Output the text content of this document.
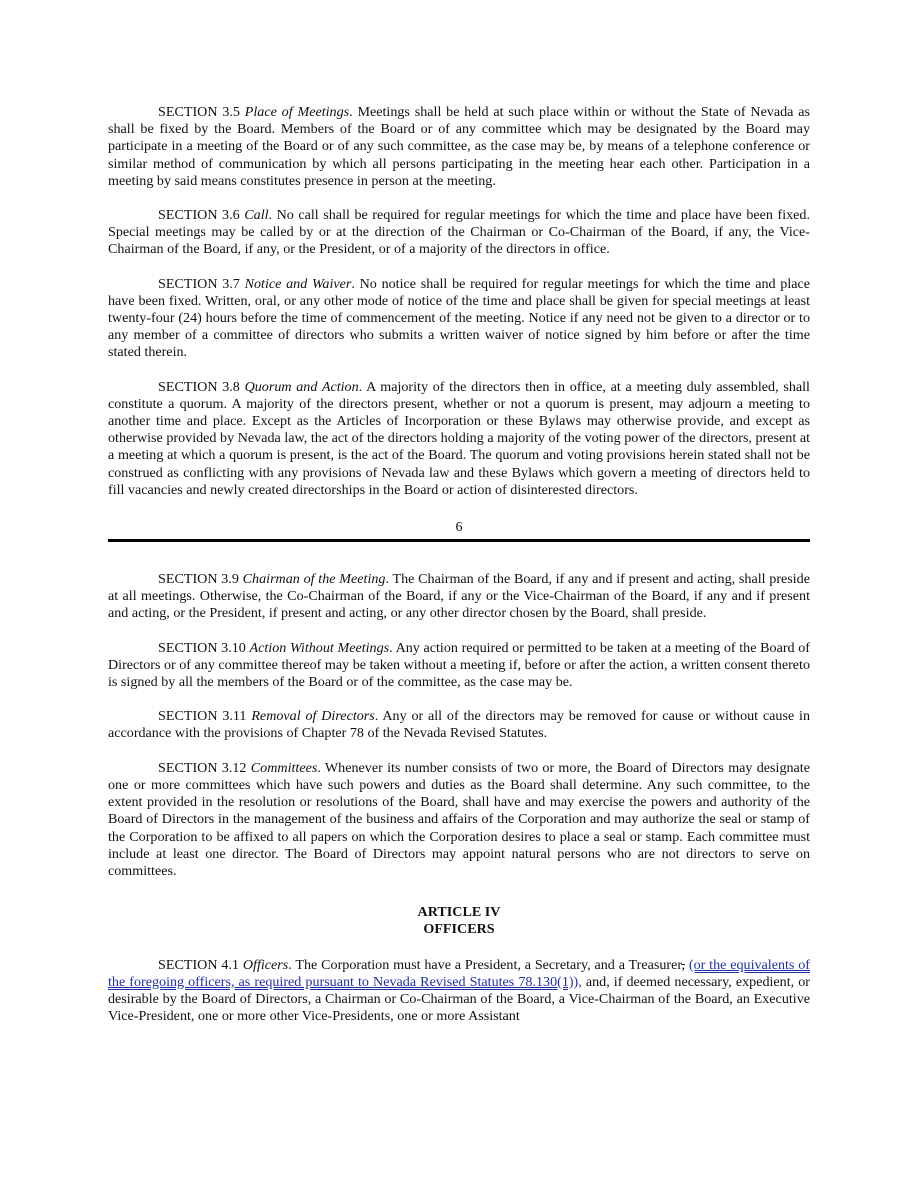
SECTION 3.5 Place of Meetings. Meetings shall be held at such place within or without the State of Nevada as shall be fixed by the Board. Members of the Board or of any committee which may be designated by the Board may participate in a meeting of the Board or of any such committee, as the case may be, by means of a telephone conference or similar method of communication by which all persons participating in the meeting hear each other. Participation in a meeting by said means constitutes presence in person at the meeting.

SECTION 3.6 Call. No call shall be required for regular meetings for which the time and place have been fixed. Special meetings may be called by or at the direction of the Chairman or Co-Chairman of the Board, if any, the Vice-Chairman of the Board, if any, or the President, or of a majority of the directors in office.

SECTION 3.7 Notice and Waiver. No notice shall be required for regular meetings for which the time and place have been fixed. Written, oral, or any other mode of notice of the time and place shall be given for special meetings at least twenty-four (24) hours before the time of commencement of the meeting. Notice if any need not be given to a director or to any member of a committee of directors who submits a written waiver of notice signed by him before or after the time stated therein.

SECTION 3.8 Quorum and Action. A majority of the directors then in office, at a meeting duly assembled, shall constitute a quorum. A majority of the directors present, whether or not a quorum is present, may adjourn a meeting to another time and place. Except as the Articles of Incorporation or these Bylaws may otherwise provide, and except as otherwise provided by Nevada law, the act of the directors holding a majority of the voting power of the directors, present at a meeting at which a quorum is present, is the act of the Board. The quorum and voting provisions herein stated shall not be construed as conflicting with any provisions of Nevada law and these Bylaws which govern a meeting of directors held to fill vacancies and newly created directorships in the Board or action of disinterested directors.

6

SECTION 3.9 Chairman of the Meeting. The Chairman of the Board, if any and if present and acting, shall preside at all meetings. Otherwise, the Co-Chairman of the Board, if any or the Vice-Chairman of the Board, if any and if present and acting, or the President, if present and acting, or any other director chosen by the Board, shall preside.

SECTION 3.10 Action Without Meetings. Any action required or permitted to be taken at a meeting of the Board of Directors or of any committee thereof may be taken without a meeting if, before or after the action, a written consent thereto is signed by all the members of the Board or of the committee, as the case may be.

SECTION 3.11 Removal of Directors. Any or all of the directors may be removed for cause or without cause in accordance with the provisions of Chapter 78 of the Nevada Revised Statutes.

SECTION 3.12 Committees. Whenever its number consists of two or more, the Board of Directors may designate one or more committees which have such powers and duties as the Board shall determine. Any such committee, to the extent provided in the resolution or resolutions of the Board, shall have and may exercise the powers and authority of the Board of Directors in the management of the business and affairs of the Corporation and may authorize the seal or stamp of the Corporation to be affixed to all papers on which the Corporation desires to place a seal or stamp. Each committee must include at least one director. The Board of Directors may appoint natural persons who are not directors to serve on committees.

ARTICLE IV
OFFICERS

SECTION 4.1 Officers. The Corporation must have a President, a Secretary, and a Treasurer, (or the equivalents of the foregoing officers, as required pursuant to Nevada Revised Statutes 78.130(1)), and, if deemed necessary, expedient, or desirable by the Board of Directors, a Chairman or Co-Chairman of the Board, a Vice-Chairman of the Board, an Executive Vice-President, one or more other Vice-Presidents, one or more Assistant
